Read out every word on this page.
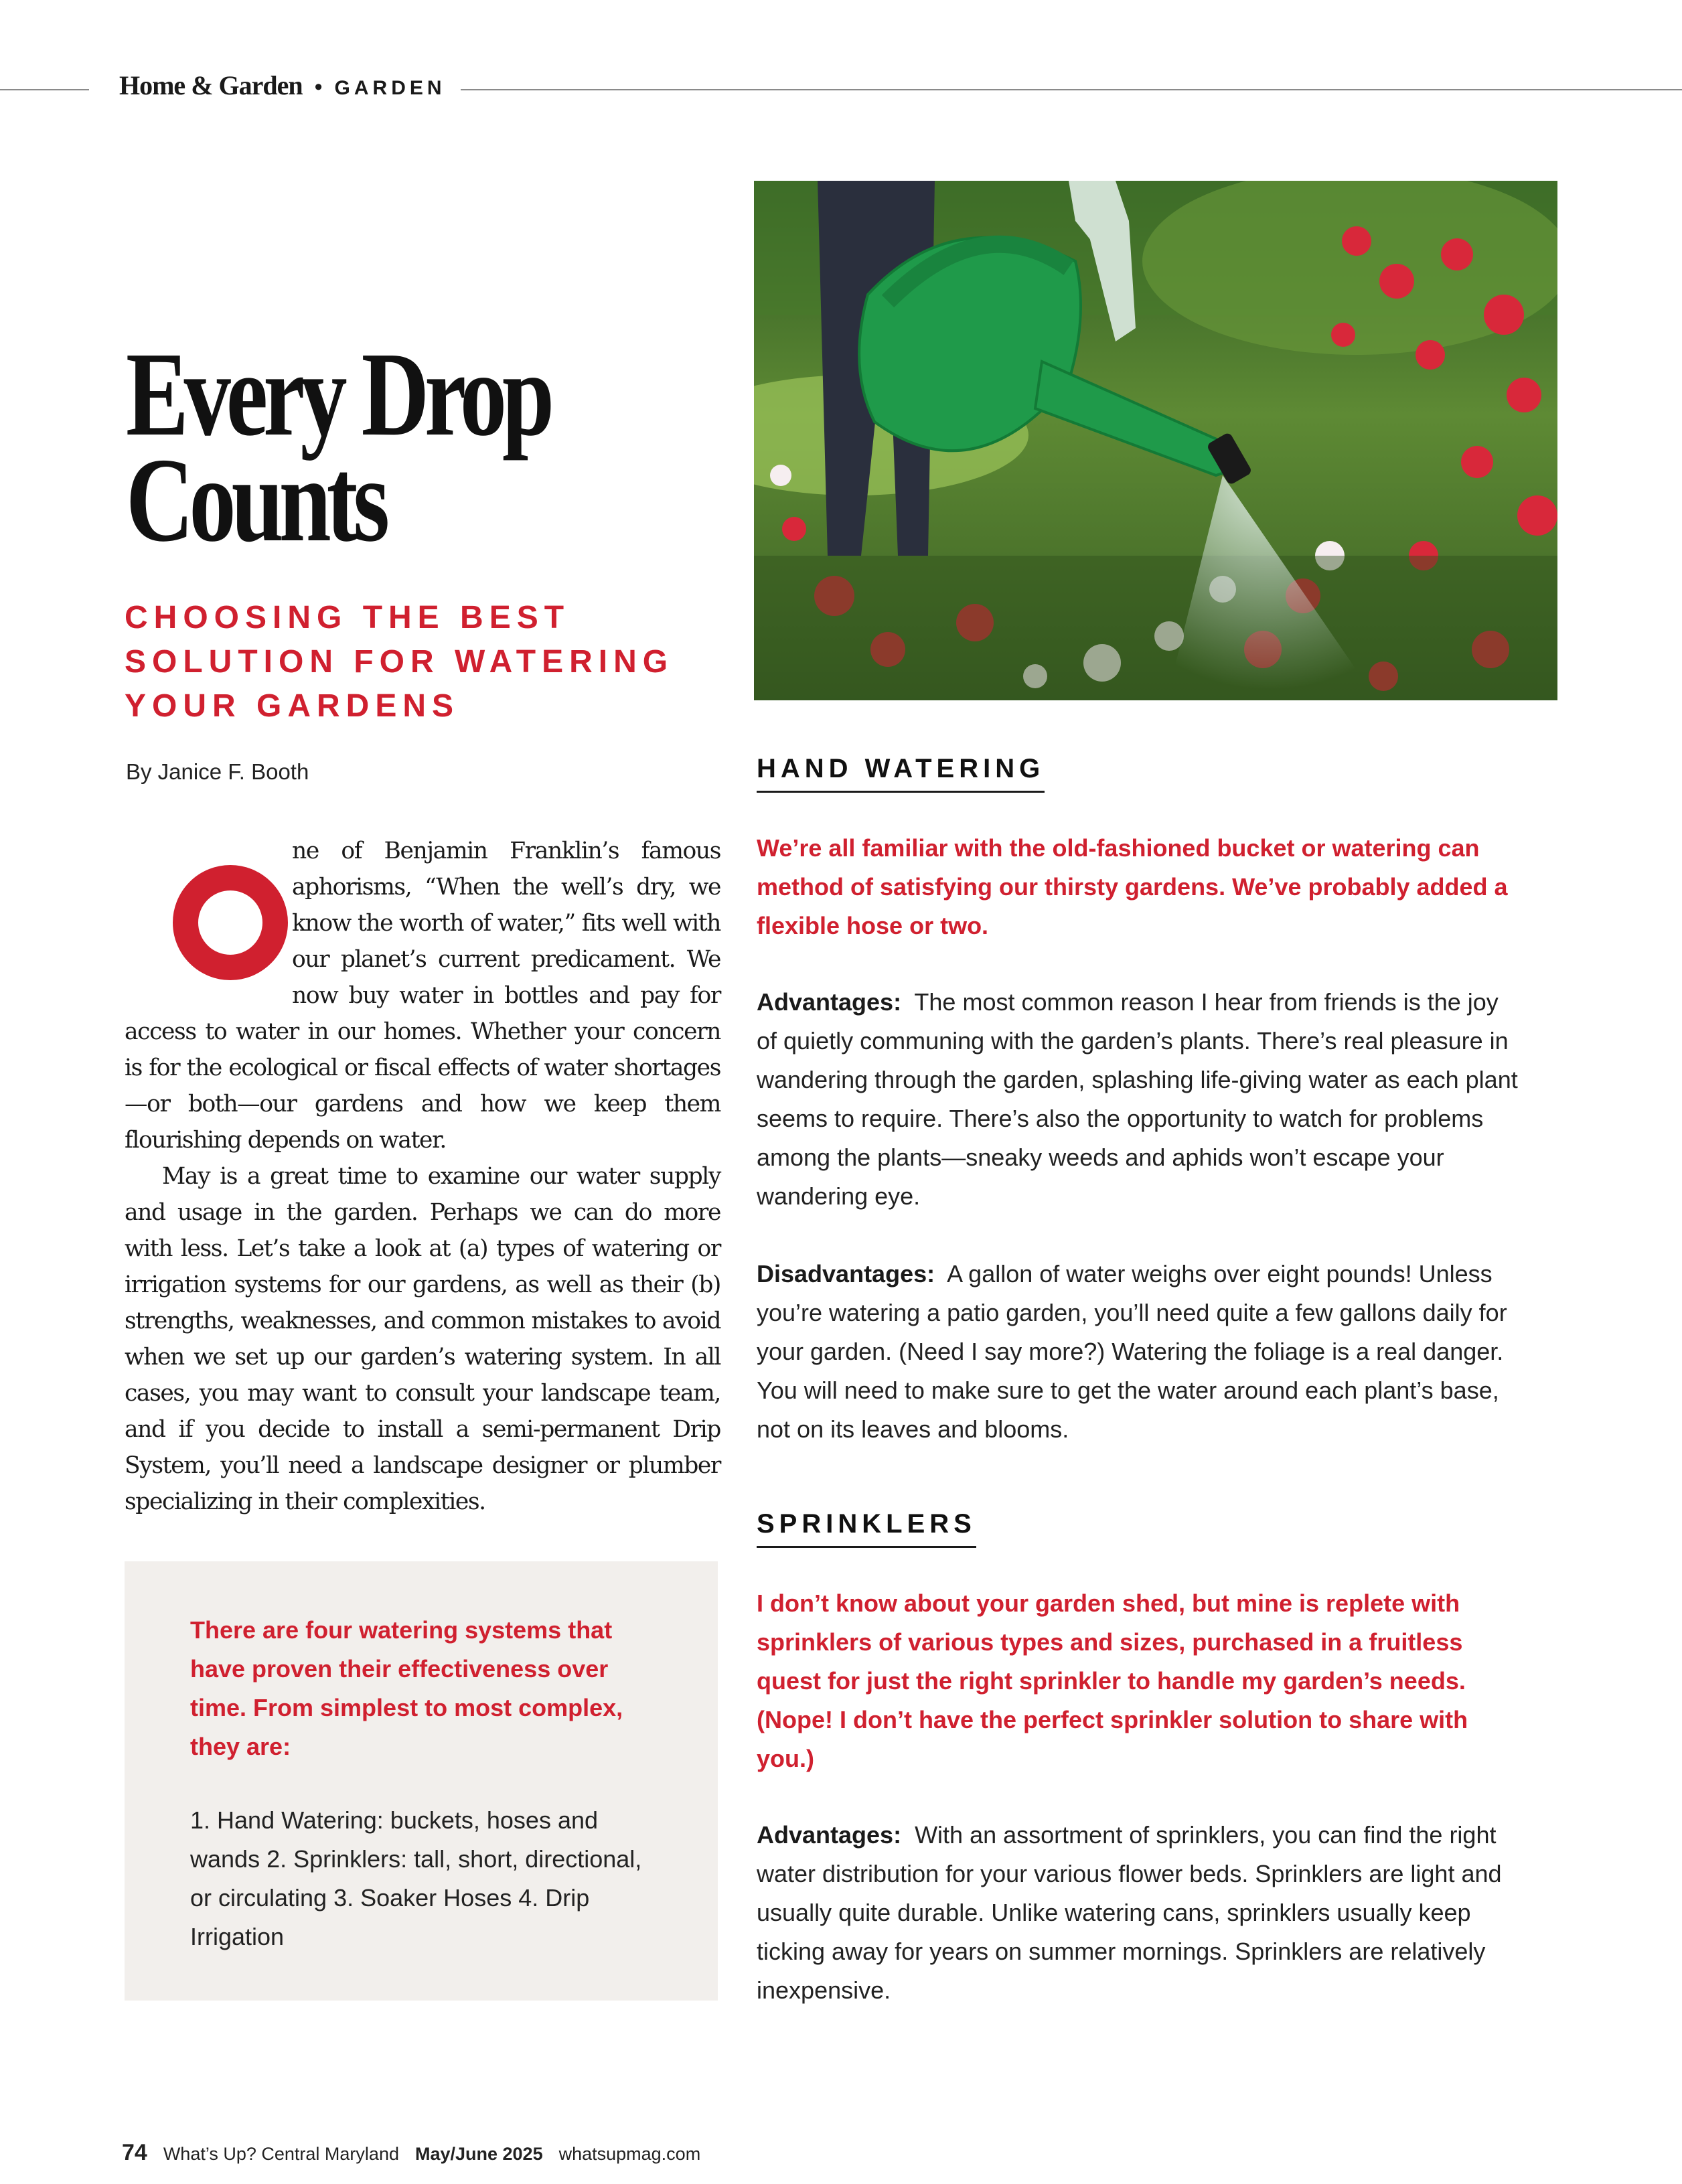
Home & Garden • GARDEN
Every Drop
Counts
CHOOSING THE BEST SOLUTION FOR WATERING YOUR GARDENS
By Janice F. Booth

ne of Benjamin Franklin’s famous aphorisms, “When the well’s dry, we know the worth of water,” fits well with our planet’s current predicament. We now buy water in bottles and pay for access to water in our homes. Whether your concern is for the ecological or fiscal effects of water shortages—or both—our gardens and how we keep them flourishing depends on water.

May is a great time to examine our water supply and usage in the garden. Perhaps we can do more with less. Let’s take a look at (a) types of watering or irrigation systems for our gardens, as well as their (b) strengths, weaknesses, and common mistakes to avoid when we set up our garden’s watering system. In all cases, you may want to consult your landscape team, and if you decide to install a semi-permanent Drip System, you’ll need a landscape designer or plumber specializing in their complexities.

There are four watering systems that have proven their effectiveness over time. From simplest to most complex, they are:
1. Hand Watering: buckets, hoses and wands 2. Sprinklers: tall, short, directional, or circulating 3. Soaker Hoses 4. Drip Irrigation
HAND WATERING
We’re all familiar with the old-fashioned bucket or watering can method of satisfying our thirsty gardens. We’ve probably added a flexible hose or two.
Advantages: The most common reason I hear from friends is the joy of quietly communing with the garden’s plants. There’s real pleasure in wandering through the garden, splashing life-giving water as each plant seems to require. There’s also the opportunity to watch for problems among the plants—sneaky weeds and aphids won’t escape your wandering eye.
Disadvantages: A gallon of water weighs over eight pounds! Unless you’re watering a patio garden, you’ll need quite a few gallons daily for your garden. (Need I say more?) Watering the foliage is a real danger. You will need to make sure to get the water around each plant’s base, not on its leaves and blooms.
SPRINKLERS
I don’t know about your garden shed, but mine is replete with sprinklers of various types and sizes, purchased in a fruitless quest for just the right sprinkler to handle my garden’s needs. (Nope! I don’t have the perfect sprinkler solution to share with you.)
Advantages: With an assortment of sprinklers, you can find the right water distribution for your various flower beds. Sprinklers are light and usually quite durable. Unlike watering cans, sprinklers usually keep ticking away for years on summer mornings. Sprinklers are relatively inexpensive.
74 What’s Up? Central Maryland May/June 2025 whatsupmag.com
